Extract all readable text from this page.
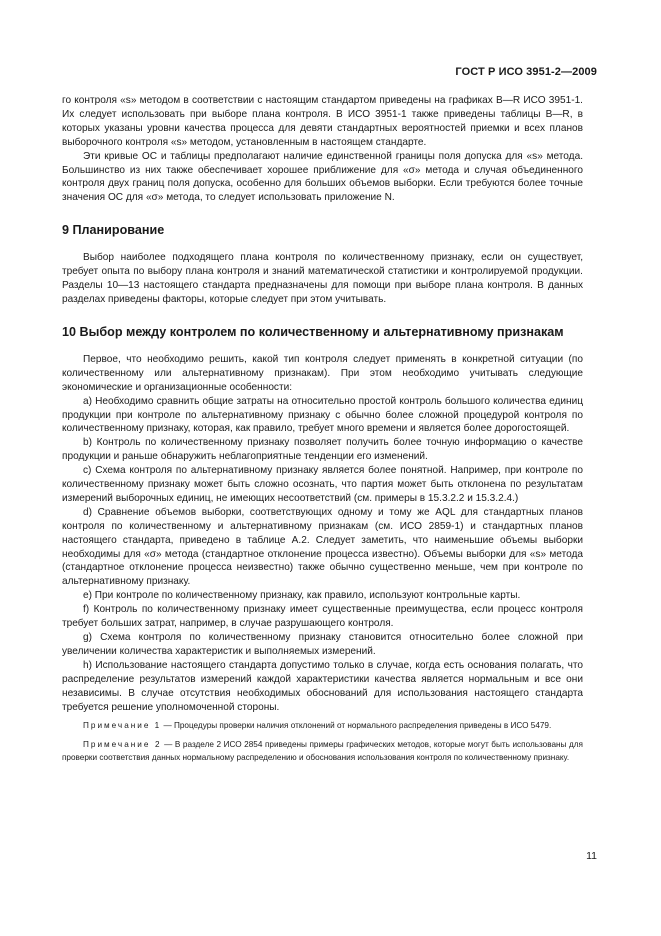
ГОСТ Р ИСО 3951-2—2009

го контроля «s» методом в соответствии с настоящим стандартом приведены на графиках В—R ИСО 3951-1. Их следует использовать при выборе плана контроля. В ИСО 3951-1 также приведены таблицы В—R, в которых указаны уровни качества процесса для девяти стандартных вероятностей приемки и всех планов выборочного контроля «s» методом, установленным в настоящем стандарте.

Эти кривые ОС и таблицы предполагают наличие единственной границы поля допуска для «s» метода. Большинство из них также обеспечивает хорошее приближение для «σ» метода и случая объединенного контроля двух границ поля допуска, особенно для больших объемов выборки. Если требуются более точные значения ОС для «σ» метода, то следует использовать приложение N.

9 Планирование

Выбор наиболее подходящего плана контроля по количественному признаку, если он существует, требует опыта по выбору плана контроля и знаний математической статистики и контролируемой продукции. Разделы 10—13 настоящего стандарта предназначены для помощи при выборе плана контроля. В данных разделах приведены факторы, которые следует при этом учитывать.

10 Выбор между контролем по количественному и альтернативному признакам

Первое, что необходимо решить, какой тип контроля следует применять в конкретной ситуации (по количественному или альтернативному признакам). При этом необходимо учитывать следующие экономические и организационные особенности:

a) Необходимо сравнить общие затраты на относительно простой контроль большого количества единиц продукции при контроле по альтернативному признаку с обычно более сложной процедурой контроля по количественному признаку, которая, как правило, требует много времени и является более дорогостоящей.

b) Контроль по количественному признаку позволяет получить более точную информацию о качестве продукции и раньше обнаружить неблагоприятные тенденции его изменений.

c) Схема контроля по альтернативному признаку является более понятной. Например, при контроле по количественному признаку может быть сложно осознать, что партия может быть отклонена по результатам измерений выборочных единиц, не имеющих несоответствий (см. примеры в 15.3.2.2 и 15.3.2.4.)

d) Сравнение объемов выборки, соответствующих одному и тому же AQL для стандартных планов контроля по количественному и альтернативному признакам (см. ИСО 2859-1) и стандартных планов настоящего стандарта, приведено в таблице А.2. Следует заметить, что наименьшие объемы выборки необходимы для «σ» метода (стандартное отклонение процесса известно). Объемы выборки для «s» метода (стандартное отклонение процесса неизвестно) также обычно существенно меньше, чем при контроле по альтернативному признаку.

e) При контроле по количественному признаку, как правило, используют контрольные карты.

f) Контроль по количественному признаку имеет существенные преимущества, если процесс контроля требует больших затрат, например, в случае разрушающего контроля.

g) Схема контроля по количественному признаку становится относительно более сложной при увеличении количества характеристик и выполняемых измерений.

h) Использование настоящего стандарта допустимо только в случае, когда есть основания полагать, что распределение результатов измерений каждой характеристики качества является нормальным и все они независимы. В случае отсутствия необходимых обоснований для использования настоящего стандарта требуется решение уполномоченной стороны.

Примечание 1 — Процедуры проверки наличия отклонений от нормального распределения приведены в ИСО 5479.

Примечание 2 — В разделе 2 ИСО 2854 приведены примеры графических методов, которые могут быть использованы для проверки соответствия данных нормальному распределению и обоснования использования контроля по количественному признаку.

11
